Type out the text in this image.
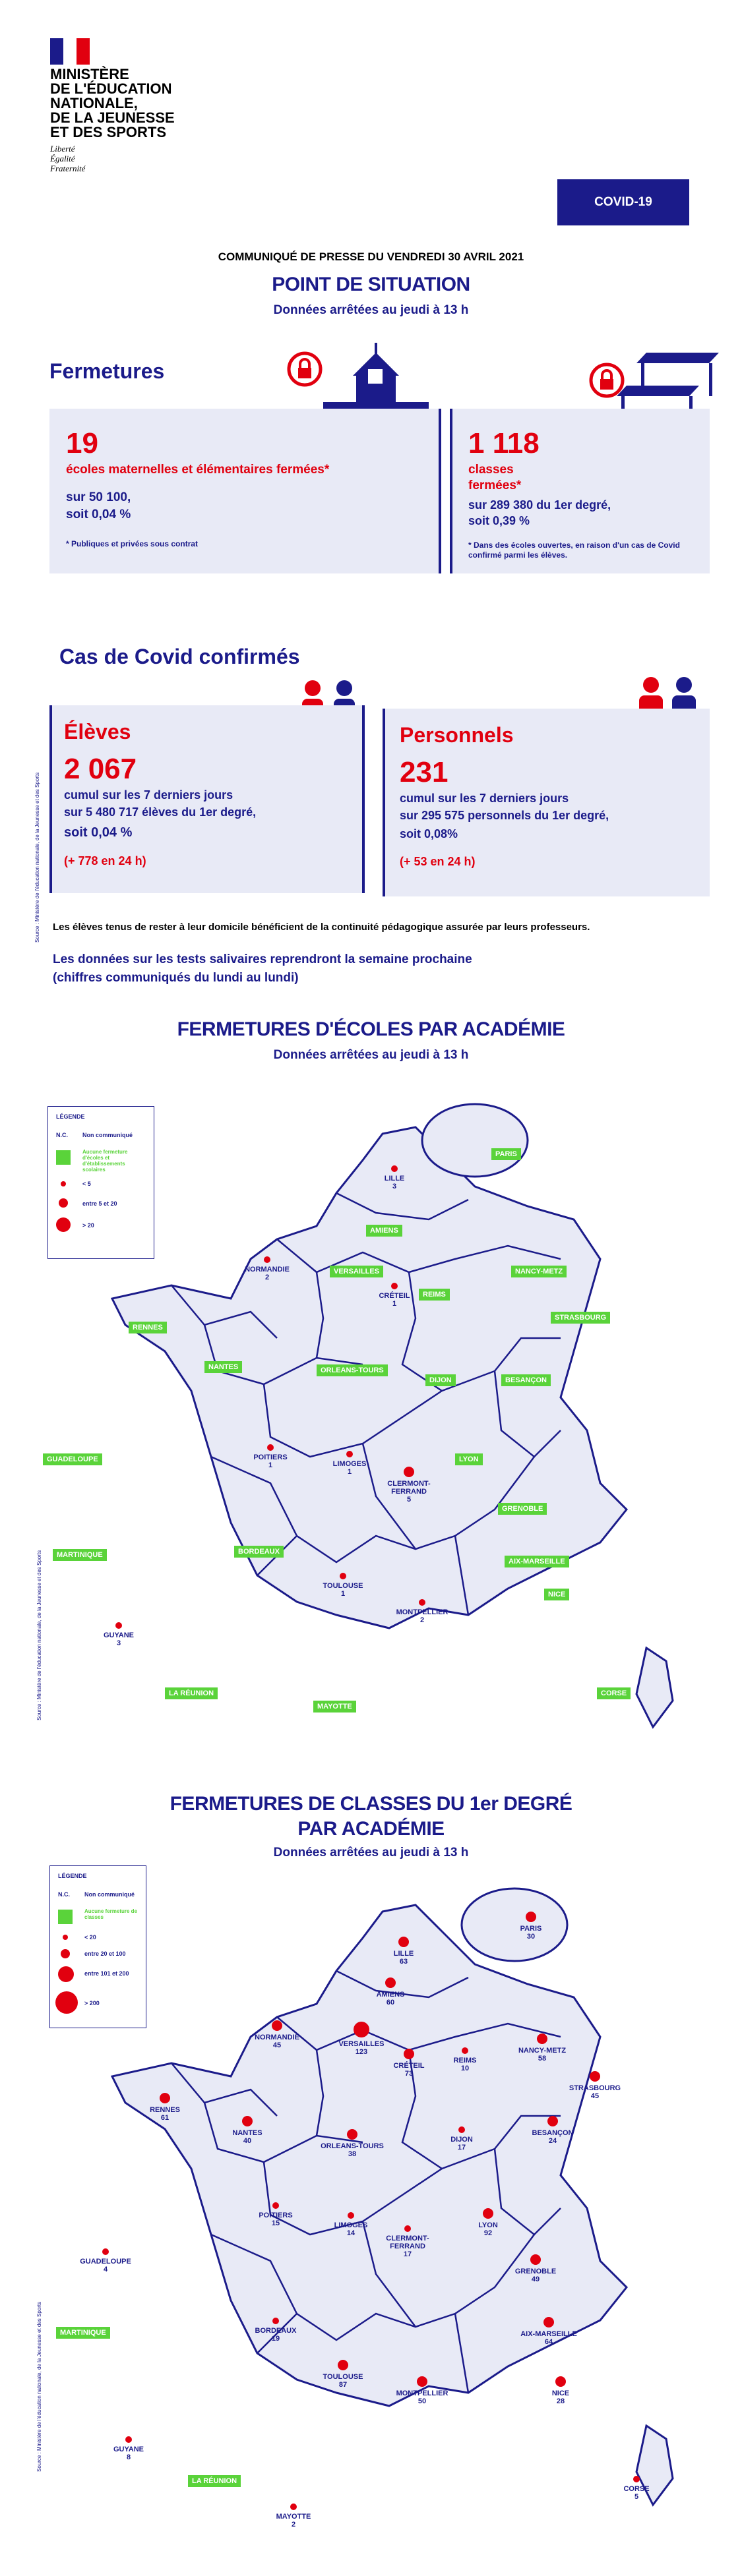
MINISTÈRE
DE L'ÉDUCATION
NATIONALE,
DE LA JEUNESSE
ET DES SPORTS
Liberté
Égalité
Fraternité
COVID-19
COMMUNIQUÉ DE PRESSE DU VENDREDI 30 AVRIL 2021
POINT DE SITUATION
Données arrêtées au jeudi à 13 h
Fermetures
19
écoles maternelles et élémentaires fermées*
sur 50 100,
soit 0,04 %
* Publiques et privées sous contrat
1 118
classes
fermées*
sur 289 380 du 1er degré,
soit 0,39 %
* Dans des écoles ouvertes, en raison d'un cas de Covid confirmé parmi les élèves.
Cas de Covid confirmés
Élèves
2 067
cumul sur les 7 derniers jours
sur 5 480 717 élèves du 1er degré,
soit 0,04 %
(+ 778 en 24 h)
Personnels
231
cumul sur les 7 derniers jours
sur 295 575 personnels du 1er degré,
soit 0,08%
(+ 53 en 24 h)
Source : Ministère de l'éducation nationale, de la Jeunesse et des Sports Les élèves tenus de rester à leur domicile bénéficient de la continuité pédagogique assurée par leurs professeurs.
Les données sur les tests salivaires reprendront la semaine prochaine
(chiffres communiqués du lundi au lundi)
FERMETURES D'ÉCOLES PAR ACADÉMIE
Données arrêtées au jeudi à 13 h
Source : Ministère de l'éducation nationale, de la Jeunesse et des Sports
LÉGENDE
N.C. Non communiqué
Aucune fermeture d'écoles et d'établissements scolaires
< 5
entre 5 et 20
> 20
PARIS
LILLE
3
AMIENS
NORMANDIE
2
VERSAILLES
CRÉTEIL
1
REIMS
NANCY-METZ
STRASBOURG
RENNES
NANTES	ORLEANS-TOURS
DIJON	BESANÇON
POITIERS
1	LIMOGES
1
CLERMONT-FERRAND
5
LYON
GRENOBLE
GUADELOUPE
BORDEAUX
MARTINIQUE
AIX-MARSEILLE
TOULOUSE
1
MONTPELLIER
2
NICE
GUYANE
3
LA RÉUNION
MAYOTTE
CORSE
FERMETURES DE CLASSES DU 1er DEGRÉ
PAR ACADÉMIE
Données arrêtées au jeudi à 13 h
Source : Ministère de l'éducation nationale, de la Jeunesse et des Sports
LÉGENDE
N.C. Non communiqué
Aucune fermeture de classes
< 20
entre 20 et 100
entre 101 et 200
> 200
PARIS
30
LILLE
63
AMIENS
60
NORMANDIE
45	VERSAILLES
123
CRÉTEIL
73
REIMS
10
NANCY-METZ
58
STRASBOURG
45
RENNES
61
NANTES
40
ORLEANS-TOURS
38
DIJON
17
BESANÇON
24
POITIERS
15	LIMOGES
14
CLERMONT-FERRAND
17
LYON
92
GRENOBLE
49
GUADELOUPE
4
AIX-MARSEILLE
64
MARTINIQUE	BORDEAUX
19
TOULOUSE
87
MONTPELLIER
50
NICE
28
GUYANE
8
LA RÉUNION
MAYOTTE
2
CORSE
5
